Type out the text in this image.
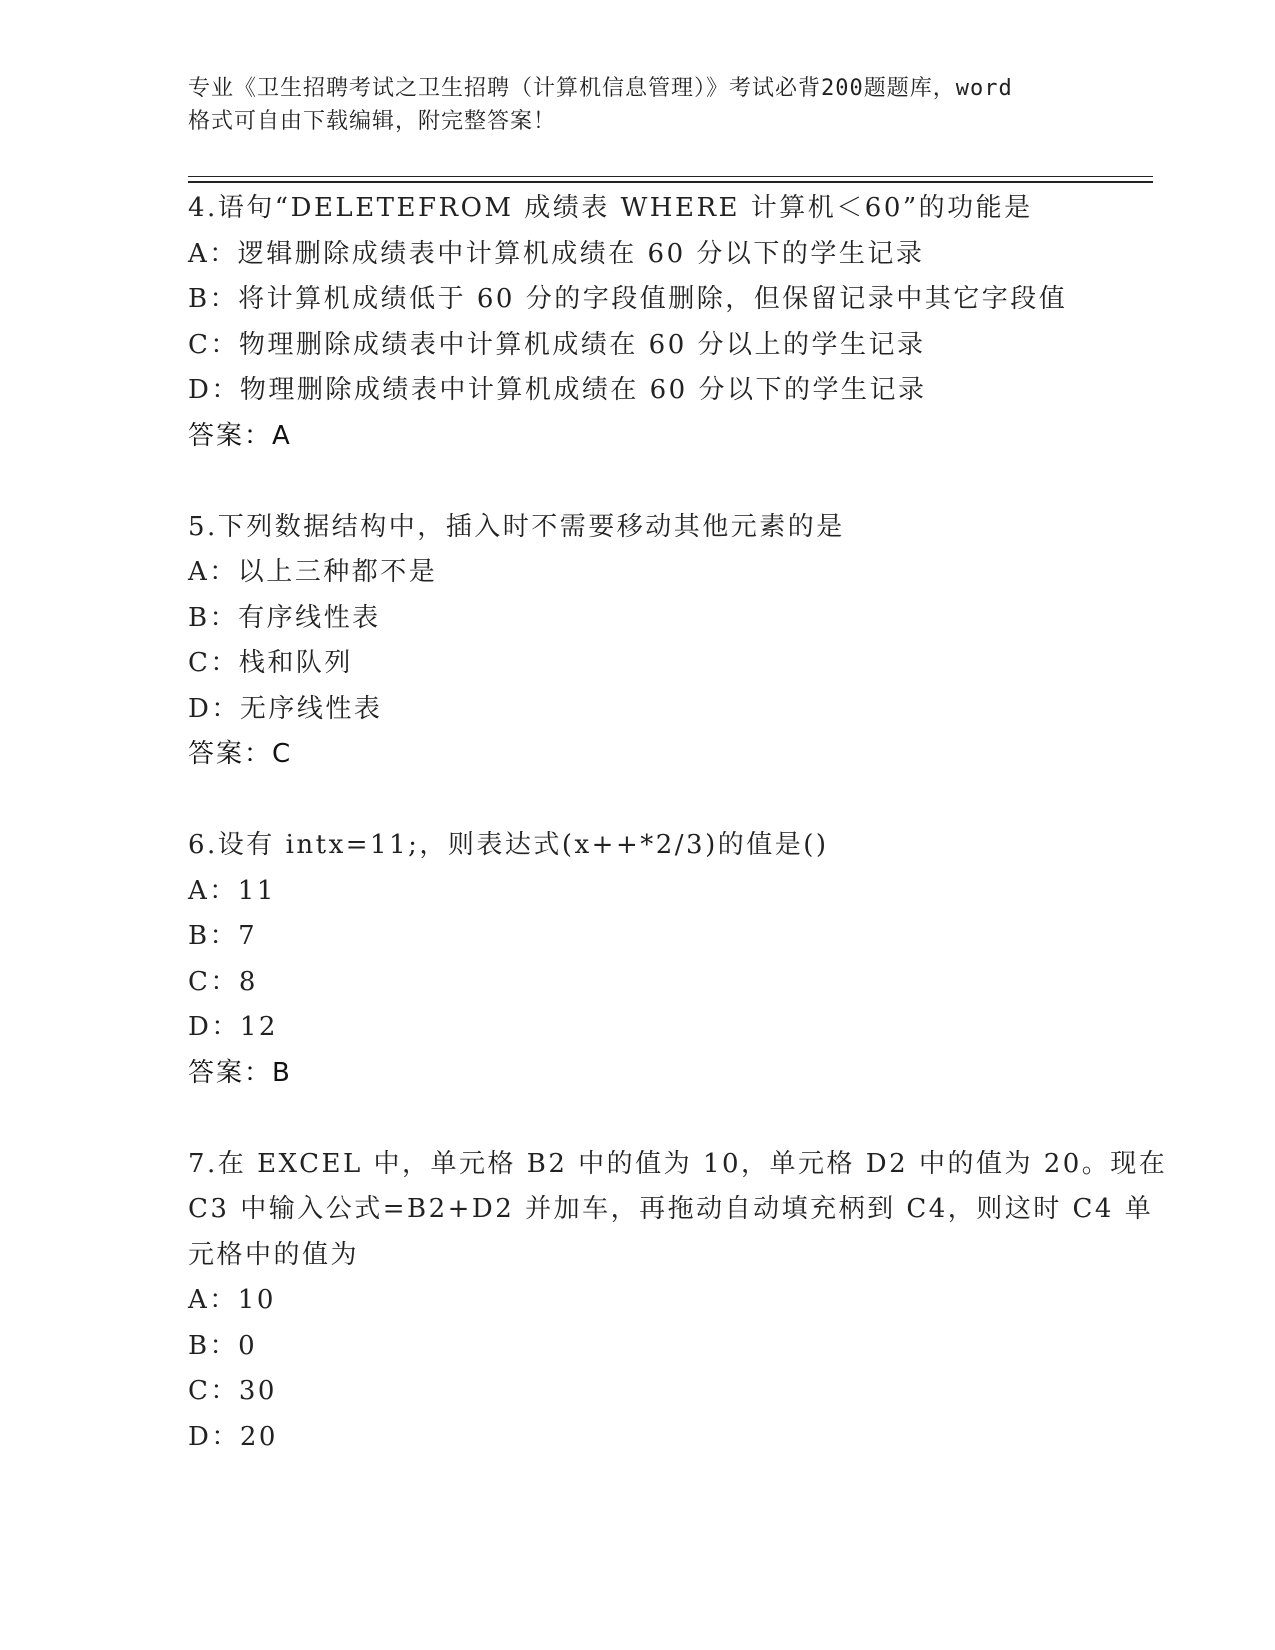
专业《卫生招聘考试之卫生招聘（计算机信息管理）》考试必背200题题库，word
格式可自由下载编辑，附完整答案！
4.语句“DELETEFROM 成绩表 WHERE 计算机＜60”的功能是
A：逻辑删除成绩表中计算机成绩在 60 分以下的学生记录
B：将计算机成绩低于 60 分的字段值删除，但保留记录中其它字段值
C：物理删除成绩表中计算机成绩在 60 分以上的学生记录
D：物理删除成绩表中计算机成绩在 60 分以下的学生记录
答案：A
5.下列数据结构中，插入时不需要移动其他元素的是
A：以上三种都不是
B：有序线性表
C：栈和队列
D：无序线性表
答案：C
6.设有 intx=11;，则表达式(x++*2/3)的值是()
A：11
B：7
C：8
D：12
答案：B
7.在 EXCEL 中，单元格 B2 中的值为 10，单元格 D2 中的值为 20。现在
C3 中输入公式=B2+D2 并加车，再拖动自动填充柄到 C4，则这时 C4 单
元格中的值为
A：10
B：0
C：30
D：20
